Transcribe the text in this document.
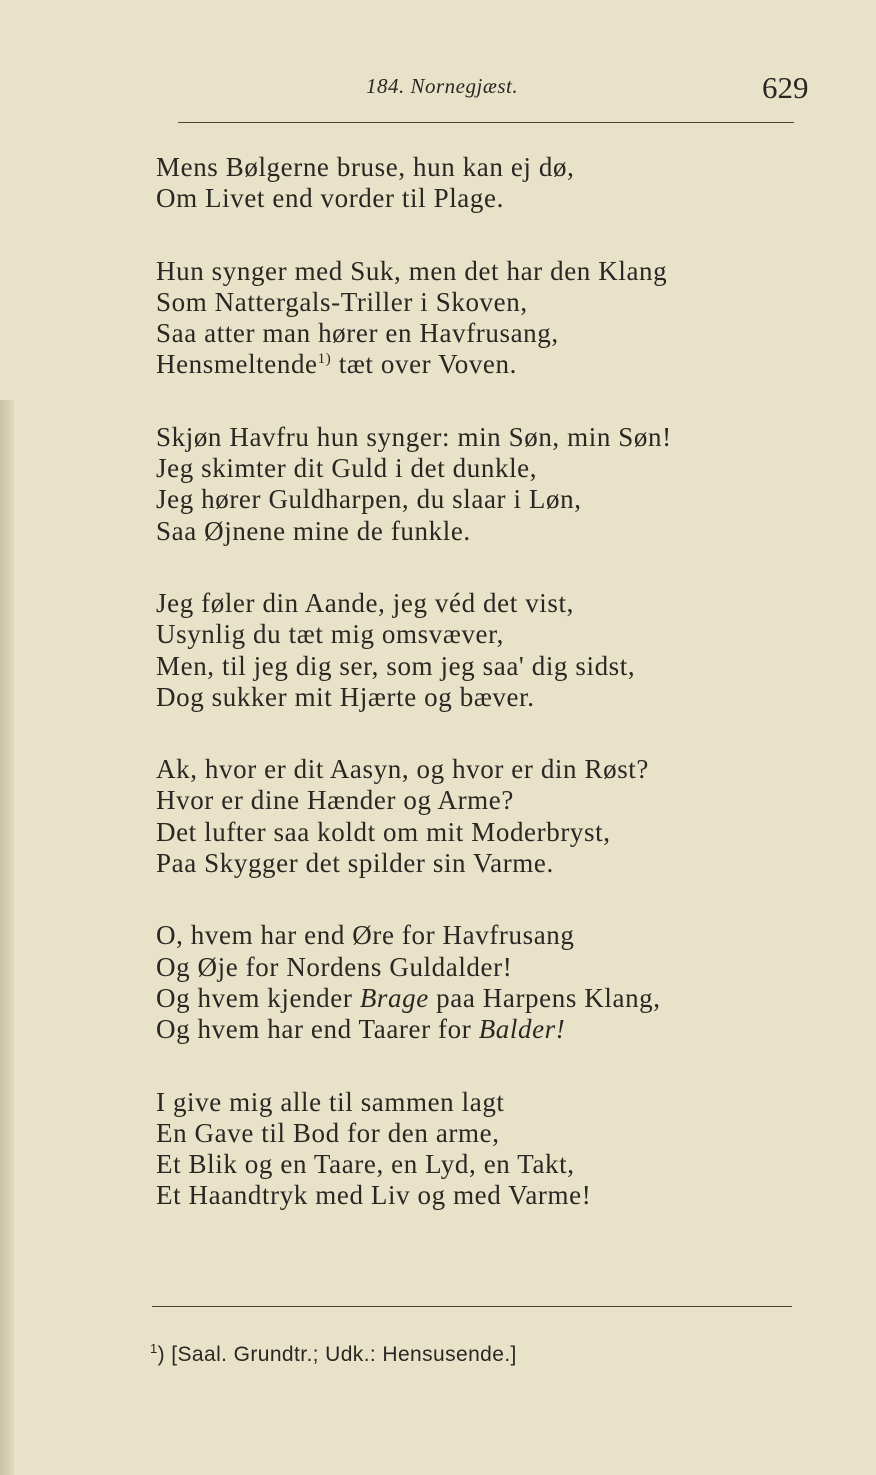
184. Nornegjæst.	629
Mens Bølgerne bruse, hun kan ej dø,
Om Livet end vorder til Plage.
Hun synger med Suk, men det har den Klang
Som Nattergals-Triller i Skoven,
Saa atter man hører en Havfrusang,
Hensmeltende$^{1)}$ tæt over Voven.
Skjøn Havfru hun synger: min Søn, min Søn!
Jeg skimter dit Guld i det dunkle,
Jeg hører Guldharpen, du slaar i Løn,
Saa Øjnene mine de funkle.
Jeg føler din Aande, jeg véd det vist,
Usynlig du tæt mig omsvæver,
Men, til jeg dig ser, som jeg saa' dig sidst,
Dog sukker mit Hjærte og bæver.
Ak, hvor er dit Aasyn, og hvor er din Røst?
Hvor er dine Hænder og Arme?
Det lufter saa koldt om mit Moderbryst,
Paa Skygger det spilder sin Varme.
O, hvem har end Øre for Havfrusang
Og Øje for Nordens Guldalder!
Og hvem kjender Brage paa Harpens Klang,
Og hvem har end Taarer for Balder!
I give mig alle til sammen lagt
En Gave til Bod for den arme,
Et Blik og en Taare, en Lyd, en Takt,
Et Haandtryk med Liv og med Varme!
$^1$) [Saal. Grundtr.; Udk.: Hensusende.]
